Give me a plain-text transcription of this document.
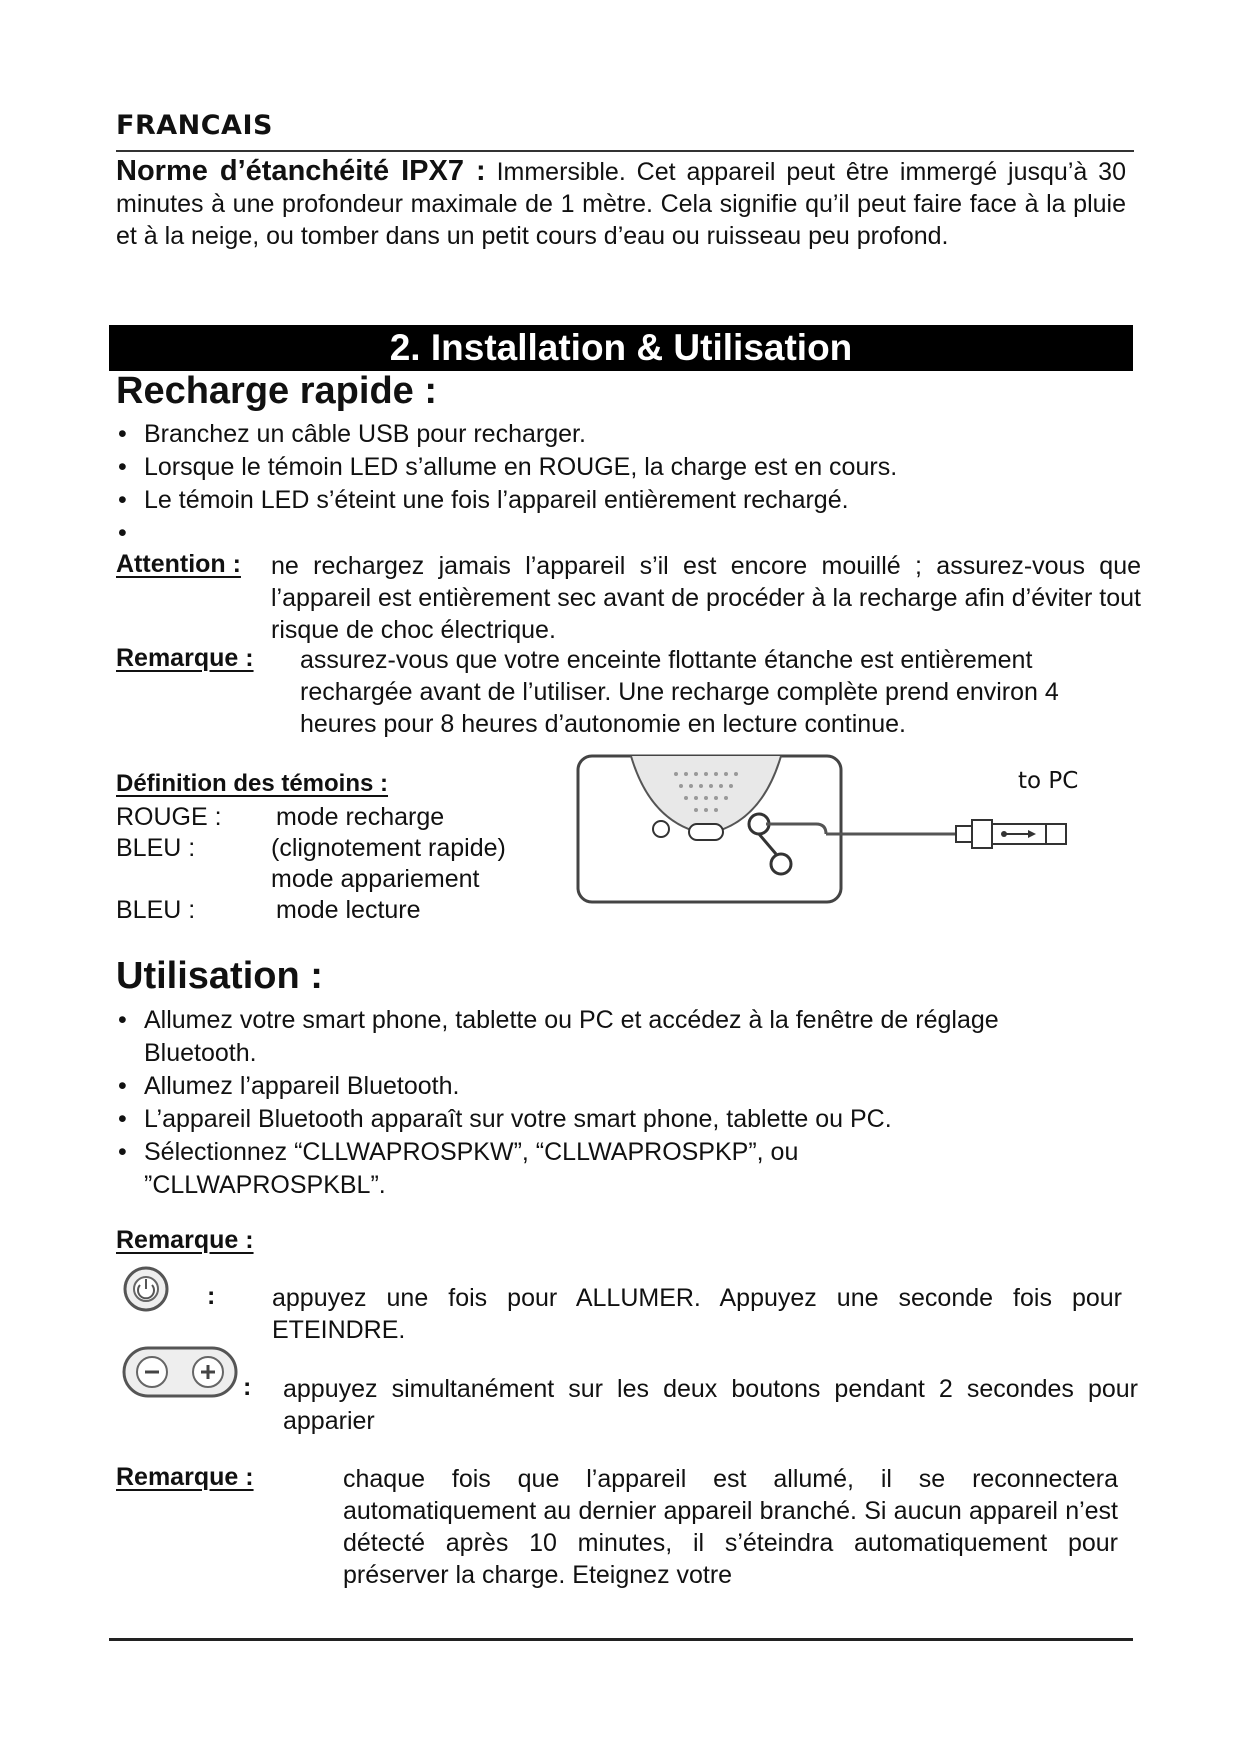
FRANCAIS
Norme d’étanchéité IPX7 : Immersible. Cet appareil peut être immergé jusqu’à 30 minutes à une profondeur maximale de 1 mètre. Cela signifie qu’il peut faire face à la pluie et à la neige, ou tomber dans un petit cours d’eau ou ruisseau peu profond.
2. Installation & Utilisation
Recharge rapide :
• Branchez un câble USB pour recharger.
• Lorsque le témoin LED s’allume en ROUGE, la charge est en cours.
• Le témoin LED s’éteint une fois l’appareil entièrement rechargé.
Attention : ne rechargez jamais l’appareil s’il est encore mouillé ; assurez-vous que l’appareil est entièrement sec avant de procéder à la recharge afin d’éviter tout risque de choc électrique.
Remarque : assurez-vous que votre enceinte flottante étanche est entièrement rechargée avant de l’utiliser. Une recharge complète prend environ 4 heures pour 8 heures d’autonomie en lecture continue.
Définition des témoins :
ROUGE :	mode recharge
BLEU :	(clignotement rapide) mode appariement
BLEU :	mode lecture
to PC
Utilisation :
• Allumez votre smart phone, tablette ou PC et accédez à la fenêtre de réglage Bluetooth.
• Allumez l’appareil Bluetooth.
• L’appareil Bluetooth apparaît sur votre smart phone, tablette ou PC.
• Sélectionnez “CLLWAPROSPKW”, “CLLWAPROSPKP”, ou ”CLLWAPROSPKBL”.
Remarque :
: appuyez une fois pour ALLUMER. Appuyez une seconde fois pour ETEINDRE.
: appuyez simultanément sur les deux boutons pendant 2 secondes pour apparier
Remarque :	chaque fois que l’appareil est allumé, il se reconnectera automatiquement au dernier appareil branché. Si aucun appareil n’est détecté après 10 minutes, il s’éteindra automatiquement pour préserver la charge. Eteignez votre
